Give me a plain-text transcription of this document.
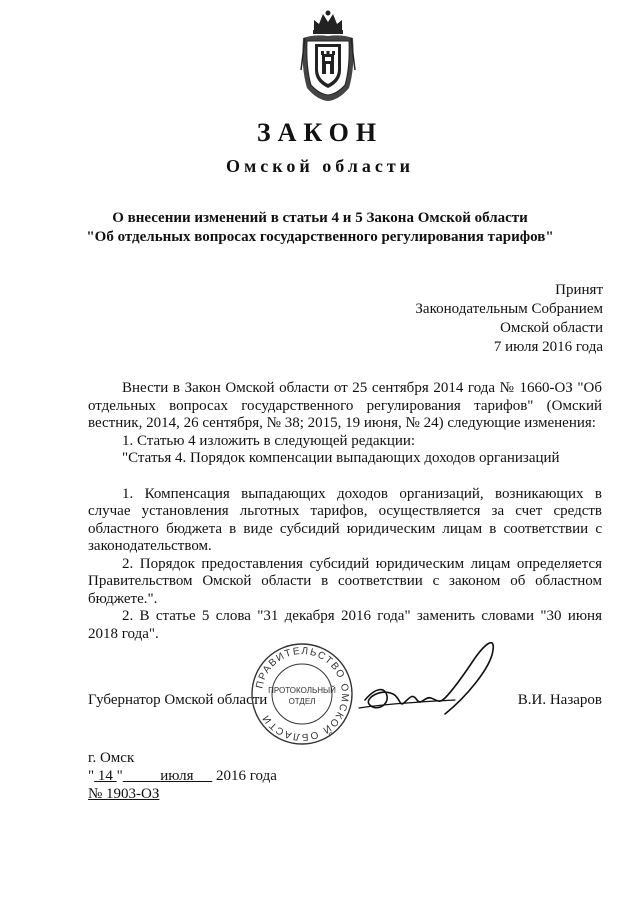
ЗАКОН
Омской области
О внесении изменений в статьи 4 и 5 Закона Омской области
"Об отдельных вопросах государственного регулирования тарифов"
Принят
Законодательным Собранием
Омской области
7 июля 2016 года

Внести в Закон Омской области от 25 сентября 2014 года № 1660-ОЗ "Об отдельных вопросах государственного регулирования тарифов" (Омский вестник, 2014, 26 сентября, № 38; 2015, 19 июня, № 24) следующие изменения:

1. Статью 4 изложить в следующей редакции:

"Статья 4. Порядок компенсации выпадающих доходов организаций

1. Компенсация выпадающих доходов организаций, возникающих в случае установления льготных тарифов, осуществляется за счет средств областного бюджета в виде субсидий юридическим лицам в соответствии с законодательством.

2. Порядок предоставления субсидий юридическим лицам определяется Правительством Омской области в соответствии с законом об областном бюджете.".

2. В статье 5 слова "31 декабря 2016 года" заменить словами "30 июня 2018 года".

Губернатор Омской области	В.И. Назаров
ПРАВИТЕЛЬСТВО ОМСКОЙ ОБЛАСТИ
ПРОТОКОЛЬНЫЙ
ОТДЕЛ
г. Омск
" 14 "	июля 2016 года
№ 1903-ОЗ
